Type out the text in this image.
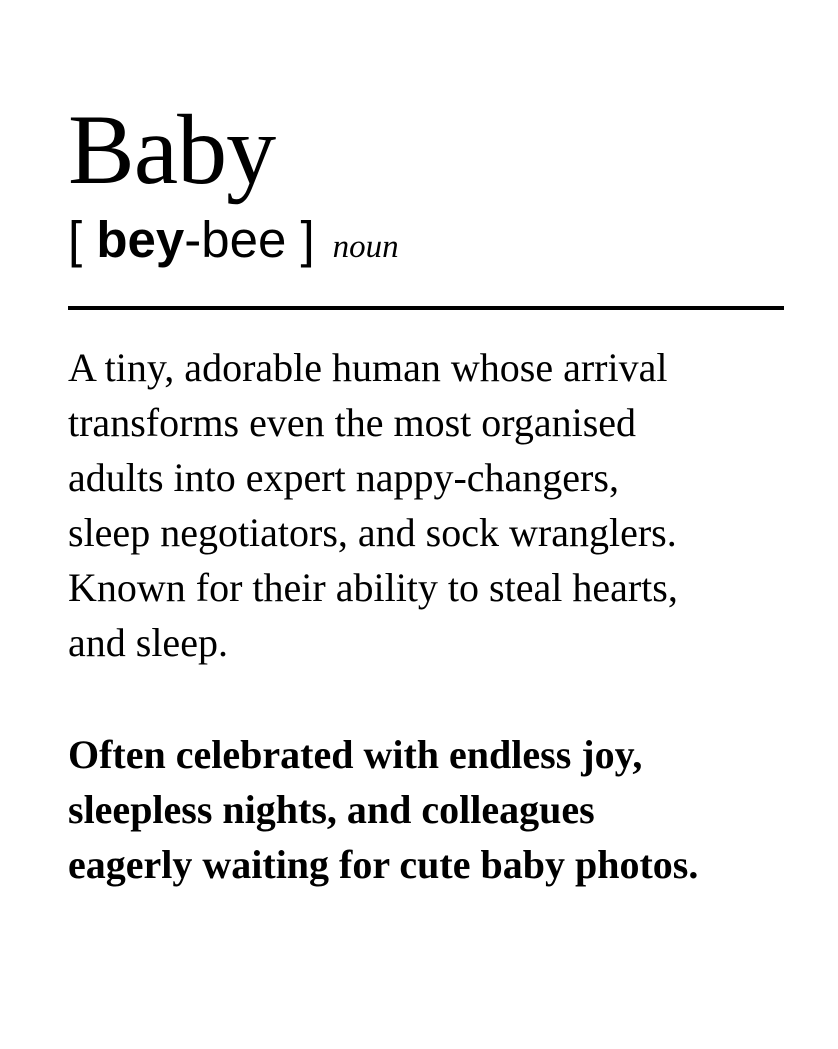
Baby
[ bey-bee ] noun

A tiny, adorable human whose arrival
transforms even the most organised
adults into expert nappy-changers,
sleep negotiators, and sock wranglers.
Known for their ability to steal hearts,
and sleep.

Often celebrated with endless joy,
sleepless nights, and colleagues
eagerly waiting for cute baby photos.
